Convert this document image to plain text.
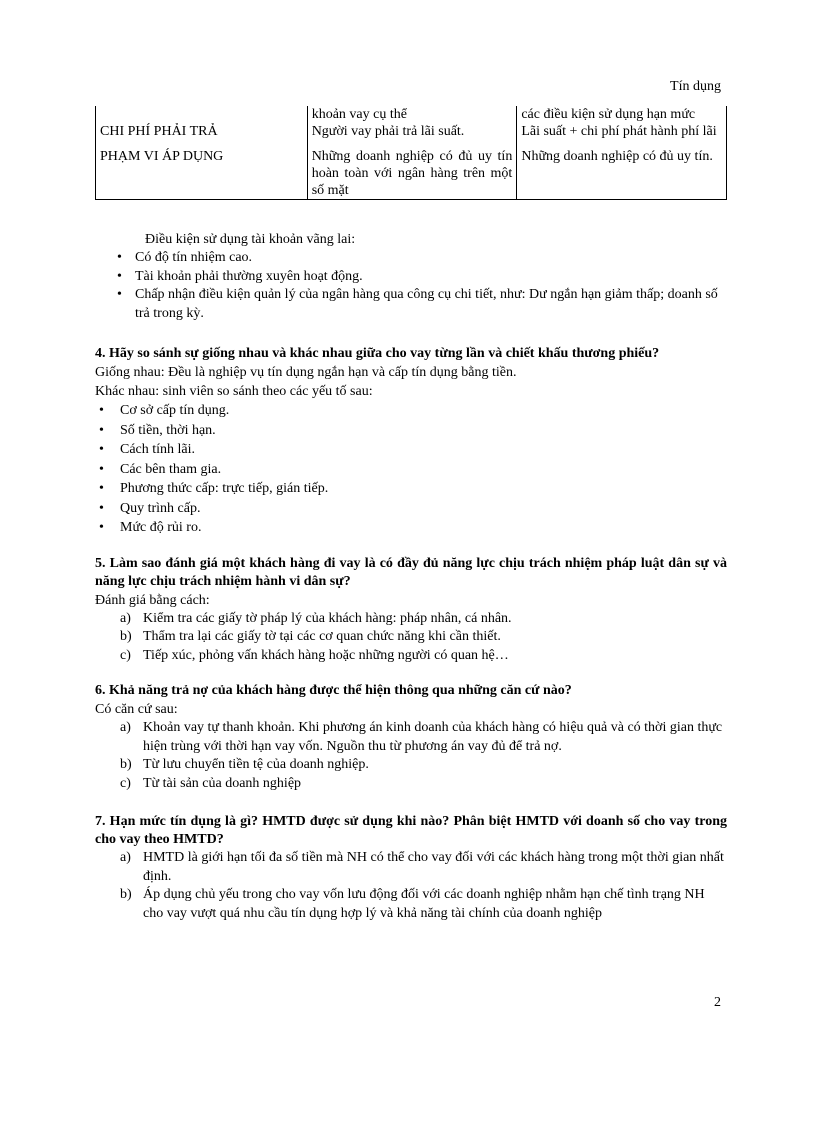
Tín dụng
	khoản vay cụ thể	các điều kiện sử dụng hạn mức
CHI PHÍ PHẢI TRẢ	Người vay phải trả lãi suất.	Lãi suất + chi phí phát hành phí lãi
PHẠM VI ÁP DỤNG	Những doanh nghiệp có đủ uy tín hoàn toàn với ngân hàng trên một số mặt	Những doanh nghiệp có đủ uy tín.
Điều kiện sử dụng tài khoản vãng lai:
• Có độ tín nhiệm cao.
• Tài khoản phải thường xuyên hoạt động.
• Chấp nhận điều kiện quản lý của ngân hàng qua công cụ chi tiết, như: Dư ngắn hạn giảm thấp; doanh số trả trong kỳ.
4. Hãy so sánh sự giống nhau và khác nhau giữa cho vay từng lần và chiết khấu thương phiếu?
Giống nhau: Đều là nghiệp vụ tín dụng ngắn hạn và cấp tín dụng bằng tiền.
Khác nhau: sinh viên so sánh theo các yếu tố sau:
• Cơ sở cấp tín dụng.
• Số tiền, thời hạn.
• Cách tính lãi.
• Các bên tham gia.
• Phương thức cấp: trực tiếp, gián tiếp.
• Quy trình cấp.
• Mức độ rủi ro.
5. Làm sao đánh giá một khách hàng đi vay là có đầy đủ năng lực chịu trách nhiệm pháp luật dân sự và năng lực chịu trách nhiệm hành vi dân sự?
Đánh giá bằng cách:
a) Kiểm tra các giấy tờ pháp lý của khách hàng: pháp nhân, cá nhân.
b) Thẩm tra lại các giấy tờ tại các cơ quan chức năng khi cần thiết.
c) Tiếp xúc, phỏng vấn khách hàng hoặc những người có quan hệ…
6. Khả năng trả nợ của khách hàng được thể hiện thông qua những căn cứ nào?
Có căn cứ sau:
a) Khoản vay tự thanh khoản. Khi phương án kinh doanh của khách hàng có hiệu quả và có thời gian thực hiện trùng với thời hạn vay vốn. Nguồn thu từ phương án vay đủ để trả nợ.
b) Từ lưu chuyển tiền tệ của doanh nghiệp.
c) Từ tài sản của doanh nghiệp
7. Hạn mức tín dụng là gì? HMTD được sử dụng khi nào? Phân biệt HMTD với doanh số cho vay trong cho vay theo HMTD?
a) HMTD là giới hạn tối đa số tiền mà NH có thể cho vay đối với các khách hàng trong một thời gian nhất định.
b) Áp dụng chủ yếu trong cho vay vốn lưu động đối với các doanh nghiệp nhằm hạn chế tình trạng NH cho vay vượt quá nhu cầu tín dụng hợp lý và khả năng tài chính của doanh nghiệp
2
